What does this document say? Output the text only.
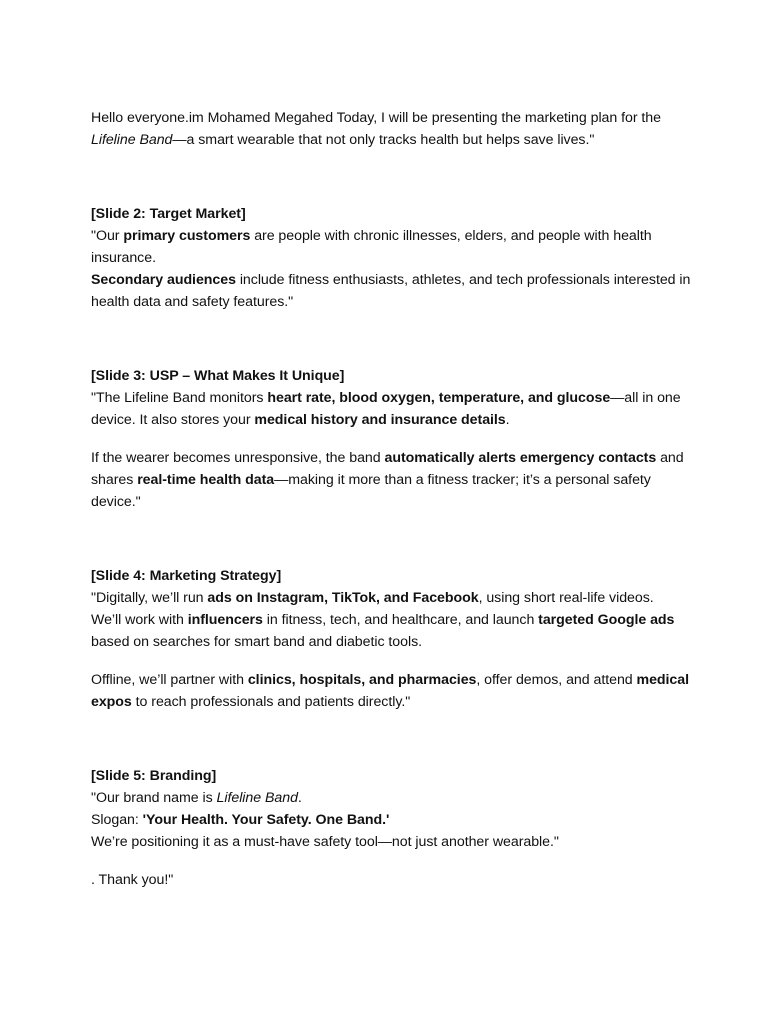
Hello everyone.im Mohamed Megahed Today, I will be presenting the marketing plan for the Lifeline Band—a smart wearable that not only tracks health but helps save lives."

[Slide 2: Target Market]

"Our primary customers are people with chronic illnesses, elders, and people with health insurance.

Secondary audiences include fitness enthusiasts, athletes, and tech professionals interested in health data and safety features."

[Slide 3: USP – What Makes It Unique]

"The Lifeline Band monitors heart rate, blood oxygen, temperature, and glucose—all in one device. It also stores your medical history and insurance details.

If the wearer becomes unresponsive, the band automatically alerts emergency contacts and shares real-time health data—making it more than a fitness tracker; it’s a personal safety device."

[Slide 4: Marketing Strategy]

"Digitally, we’ll run ads on Instagram, TikTok, and Facebook, using short real-life videos.

We’ll work with influencers in fitness, tech, and healthcare, and launch targeted Google ads based on searches for smart band and diabetic tools.

Offline, we’ll partner with clinics, hospitals, and pharmacies, offer demos, and attend medical expos to reach professionals and patients directly."

[Slide 5: Branding]

"Our brand name is Lifeline Band.

Slogan: 'Your Health. Your Safety. One Band.'

We’re positioning it as a must-have safety tool—not just another wearable."

. Thank you!"
